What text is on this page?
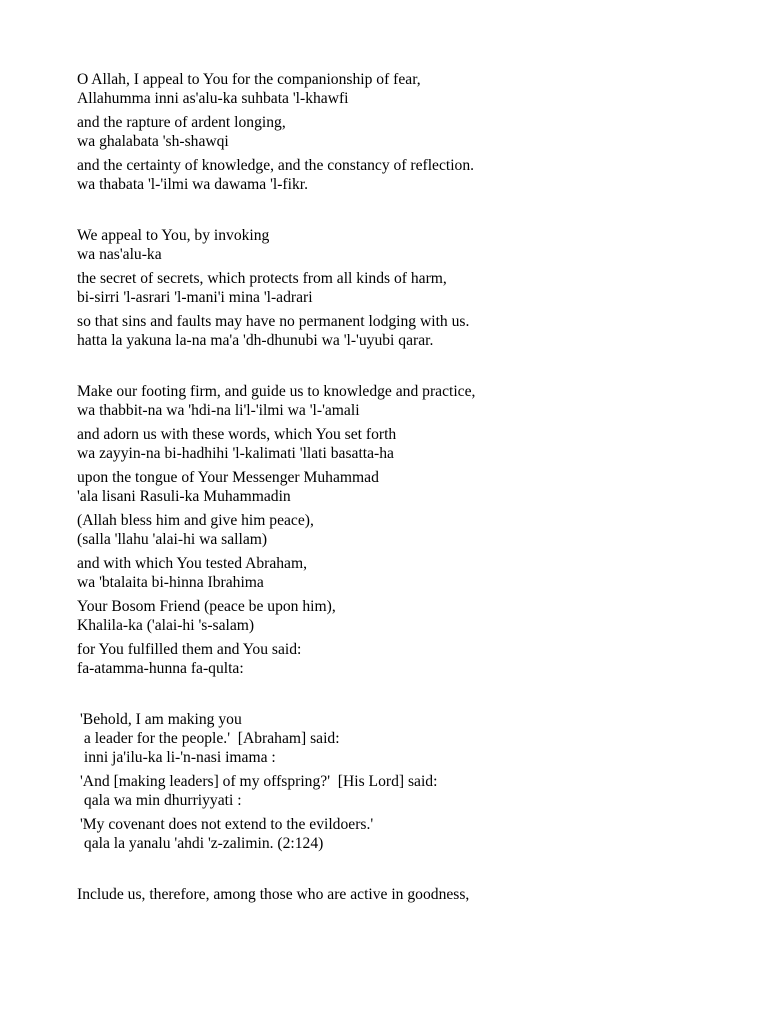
O Allah, I appeal to You for the companionship of fear,
Allahumma inni as'alu-ka suhbata 'l-khawfi

and the rapture of ardent longing,
wa ghalabata 'sh-shawqi

and the certainty of knowledge, and the constancy of reflection.
wa thabata 'l-'ilmi wa dawama 'l-fikr.

We appeal to You, by invoking
wa nas'alu-ka

the secret of secrets, which protects from all kinds of harm,
bi-sirri 'l-asrari 'l-mani'i mina 'l-adrari

so that sins and faults may have no permanent lodging with us.
hatta la yakuna la-na ma'a 'dh-dhunubi wa 'l-'uyubi qarar.

Make our footing firm, and guide us to knowledge and practice,
wa thabbit-na wa 'hdi-na li'l-'ilmi wa 'l-'amali

and adorn us with these words, which You set forth
wa zayyin-na bi-hadhihi 'l-kalimati 'llati basatta-ha

upon the tongue of Your Messenger Muhammad
'ala lisani Rasuli-ka Muhammadin

(Allah bless him and give him peace),
(salla 'llahu 'alai-hi wa sallam)

and with which You tested Abraham,
wa 'btalaita bi-hinna Ibrahima

Your Bosom Friend (peace be upon him),
Khalila-ka ('alai-hi 's-salam)

for You fulfilled them and You said:
fa-atamma-hunna fa-qulta:

'Behold, I am making you
a leader for the people.'  [Abraham] said:
inni ja'ilu-ka li-'n-nasi imama :

'And [making leaders] of my offspring?'  [His Lord] said:
qala wa min dhurriyyati :

'My covenant does not extend to the evildoers.'
qala la yanalu 'ahdi 'z-zalimin. (2:124)

Include us, therefore, among those who are active in goodness,
